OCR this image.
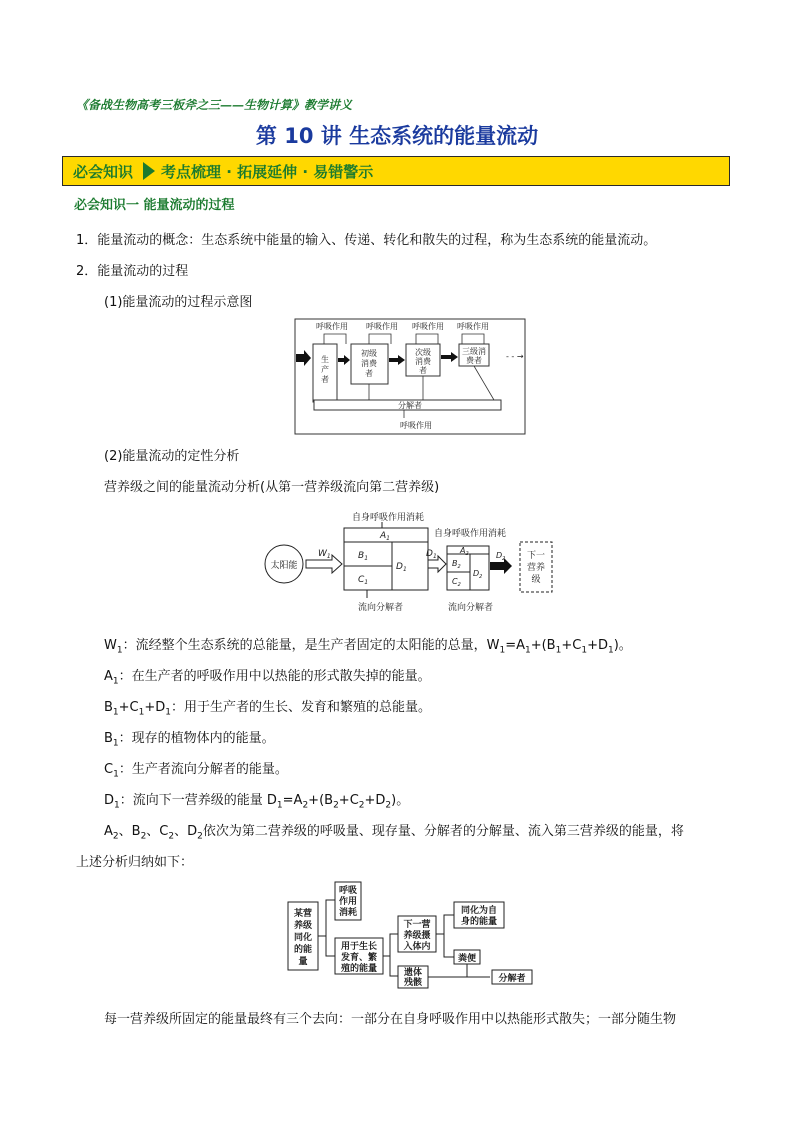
《备战生物高考三板斧之三——生物计算》教学讲义
第 10 讲 生态系统的能量流动
必会知识 考点梳理 · 拓展延伸 · 易错警示
必会知识一 能量流动的过程
1．能量流动的概念：生态系统中能量的输入、传递、转化和散失的过程，称为生态系统的能量流动。
2．能量流动的过程
(1)能量流动的过程示意图
呼吸作用 呼吸作用 呼吸作用 呼吸作用
生
产
者
初级
消费
者
次级
消费
者
三级消
费者	- - →
分解者
呼吸作用
(2)能量流动的定性分析
营养级之间的能量流动分析(从第一营养级流向第二营养级)
太阳能
$W_1$
自身呼吸作用消耗
$A_1$
$B_1$
$C_1$
$D_1$
流向分解者
$D_1$
自身呼吸作用消耗
$A_2$
$B_2$
$C_2$
$D_2$
流向分解者
$D_2$ 下一
营养
级
$W_1$：流经整个生态系统的总能量，是生产者固定的太阳能的总量，$W_1=A_1+(B_1+C_1+D_1)$。
$A_1$：在生产者的呼吸作用中以热能的形式散失掉的能量。
$B_1+C_1+D_1$：用于生产者的生长、发育和繁殖的总能量。
$B_1$：现存的植物体内的能量。
$C_1$：生产者流向分解者的能量。
$D_1$：流向下一营养级的能量 $D_1=A_2+(B_2+C_2+D_2)$。
$A_2$、$B_2$、$C_2$、$D_2$依次为第二营养级的呼吸量、现存量、分解者的分解量、流入第三营养级的能量，将
上述分析归纳如下：
某营
养级
同化
的能
量
呼吸
作用
消耗
用于生长
发育、繁
殖的能量
下一营
养级摄
入体内
遗体
残骸
同化为自
身的能量
粪便
分解者
每一营养级所固定的能量最终有三个去向：一部分在自身呼吸作用中以热能形式散失；一部分随生物
